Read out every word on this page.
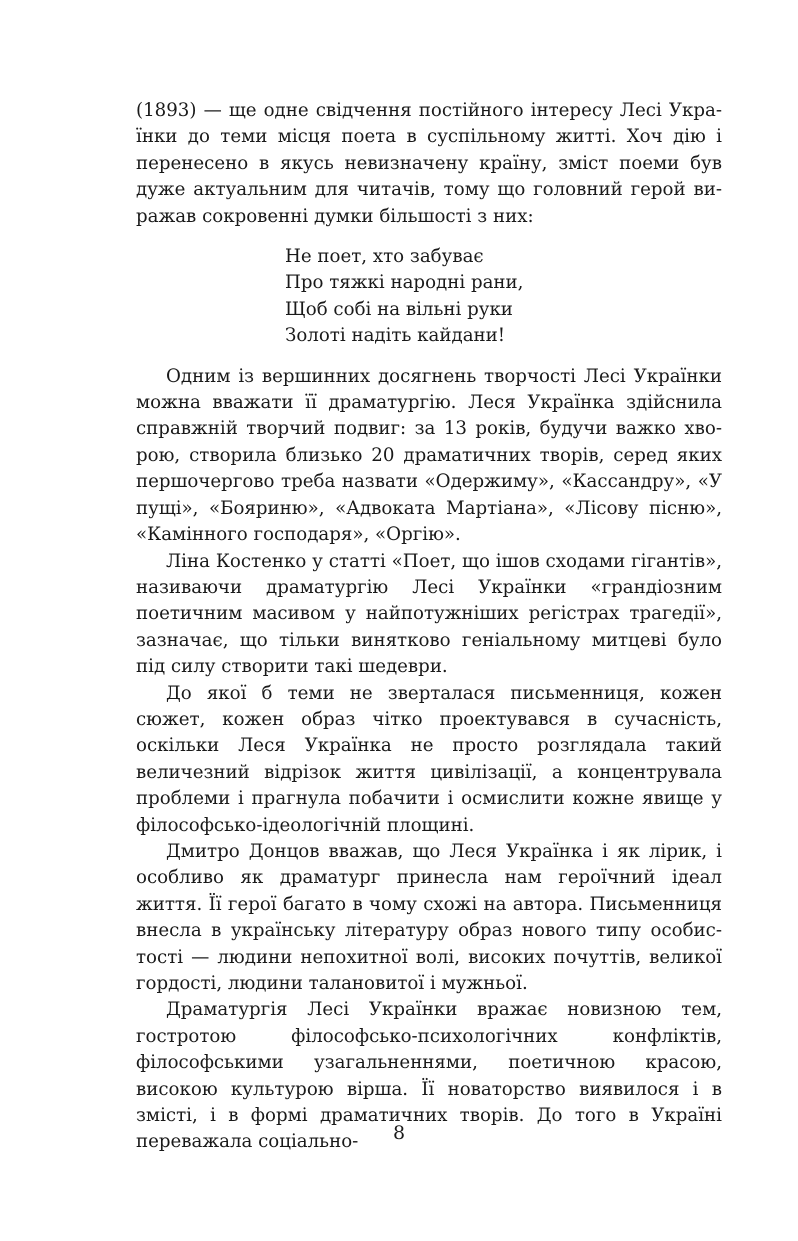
(1893) — ще одне свідчення постійного інтересу Лесі Українки до теми місця поета в суспільному житті. Хоч дію і перенесено в якусь невизначену країну, зміст поеми був дуже актуальним для читачів, тому що головний герой виражав сокровенні думки більшості з них:

Не поет, хто забуває
Про тяжкі народні рани,
Щоб собі на вільні руки
Золоті надіть кайдани!

Одним із вершинних досягнень творчості Лесі Українки можна вважати її драматургію. Леся Українка здійснила справжній творчий подвиг: за 13 років, будучи важко хворою, створила близько 20 драматичних творів, серед яких першочергово треба назвати «Одержиму», «Кассандру», «У пущі», «Бояриню», «Адвоката Мартіана», «Лісову пісню», «Камінного господаря», «Оргію».

Ліна Костенко у статті «Поет, що ішов сходами гігантів», називаючи драматургію Лесі Українки «грандіозним поетичним масивом у найпотужніших регістрах трагедії», зазначає, що тільки винятково геніальному митцеві було під силу створити такі шедеври.

До якої б теми не зверталася письменниця, кожен сюжет, кожен образ чітко проектувався в сучасність, оскільки Леся Українка не просто розглядала такий величезний відрізок життя цивілізації, а концентрувала проблеми і прагнула побачити і осмислити кожне явище у філософсько-ідеологічній площині.

Дмитро Донцов вважав, що Леся Українка і як лірик, і особливо як драматург принесла нам героїчний ідеал життя. Її герої багато в чому схожі на автора. Письменниця внесла в українську літературу образ нового типу особистості — людини непохитної волі, високих почуттів, великої гордості, людини талановитої і мужньої.

Драматургія Лесі Українки вражає новизною тем, гостротою філософсько-психологічних конфліктів, філософськими узагальненнями, поетичною красою, високою культурою вірша. Її новаторство виявилося і в змісті, і в формі драматичних творів. До того в Україні переважала соціально-	8
